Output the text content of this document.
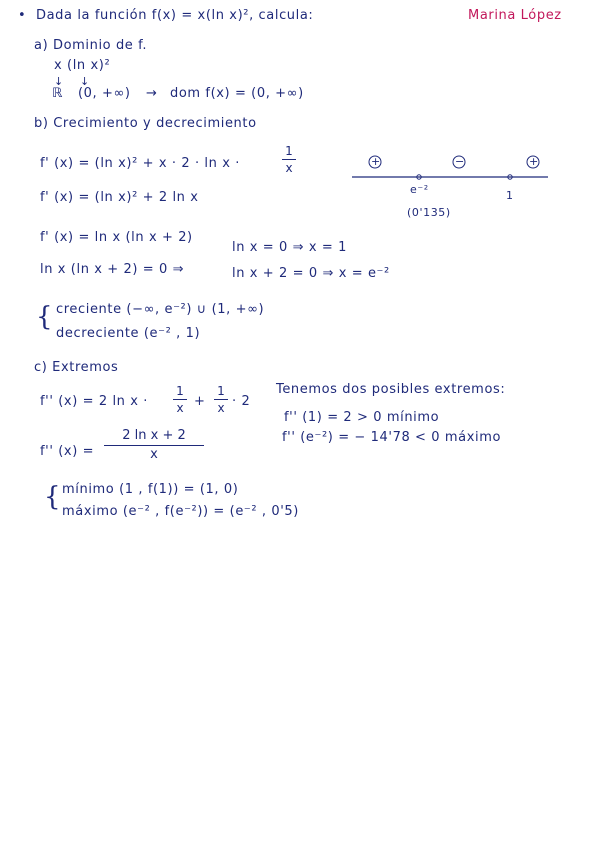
• Dada la función f(x) = x(ln x)², calcula:	Marina López
a) Dominio de f.
x (ln x)²
↓ ↓
ℝ (0, +∞) → dom f(x) = (0, +∞)
b) Crecimiento y decrecimiento
f' (x) = (ln x)² + x · 2 · ln x ·
1
x
f' (x) = (ln x)² + 2 ln x
f' (x) = ln x (ln x + 2)
ln x (ln x + 2) = 0 ⇒
ln x = 0 ⇒ x = 1
ln x + 2 = 0 ⇒ x = e⁻²
+	−	+
e⁻²
(0'135)
1
{ creciente (−∞, e⁻²) ∪ (1, +∞)
decreciente (e⁻² , 1)
c) Extremos
f'' (x) = 2 ln x ·
1
x +
1
x · 2
f'' (x) =
2 ln x + 2
x
Tenemos dos posibles extremos:
f'' (1) = 2 > 0 mínimo
f'' (e⁻²) = − 14'78 < 0 máximo
{ mínimo (1 , f(1)) = (1, 0)
máximo (e⁻² , f(e⁻²)) = (e⁻² , 0'5)
